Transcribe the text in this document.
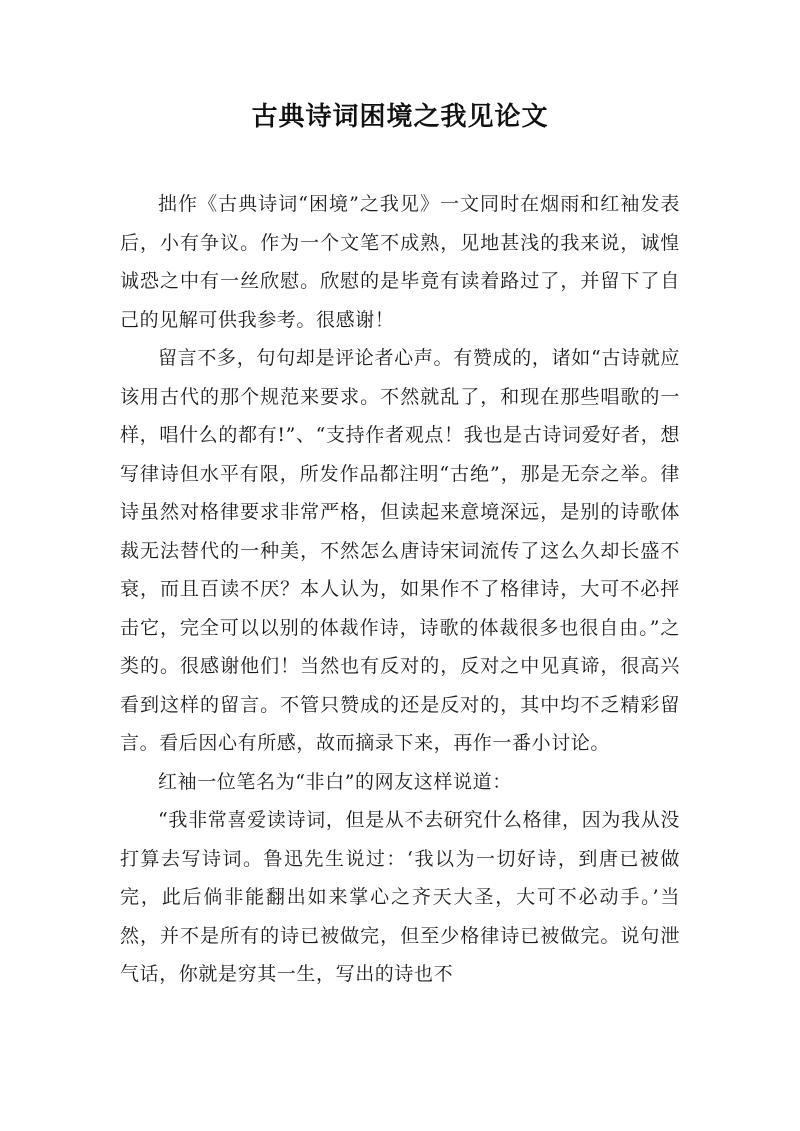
古典诗词困境之我见论文

拙作《古典诗词“困境”之我见》一文同时在烟雨和红袖发表后，小有争议。作为一个文笔不成熟，见地甚浅的我来说，诚惶诚恐之中有一丝欣慰。欣慰的是毕竟有读着路过了，并留下了自己的见解可供我参考。很感谢！

留言不多，句句却是评论者心声。有赞成的，诸如“古诗就应该用古代的那个规范来要求。不然就乱了，和现在那些唱歌的一样，唱什么的都有!”、“支持作者观点！我也是古诗词爱好者，想写律诗但水平有限，所发作品都注明“古绝”，那是无奈之举。律诗虽然对格律要求非常严格，但读起来意境深远，是别的诗歌体裁无法替代的一种美，不然怎么唐诗宋词流传了这么久却长盛不衰，而且百读不厌？本人认为，如果作不了格律诗，大可不必抨击它，完全可以以别的体裁作诗，诗歌的体裁很多也很自由。”之类的。很感谢他们！当然也有反对的，反对之中见真谛，很高兴看到这样的留言。不管只赞成的还是反对的，其中均不乏精彩留言。看后因心有所感，故而摘录下来，再作一番小讨论。

红袖一位笔名为“非白”的网友这样说道：

“我非常喜爱读诗词，但是从不去研究什么格律，因为我从没打算去写诗词。鲁迅先生说过：‘我以为一切好诗，到唐已被做完，此后倘非能翻出如来掌心之齐天大圣，大可不必动手。’当然，并不是所有的诗已被做完，但至少格律诗已被做完。说句泄气话，你就是穷其一生，写出的诗也不
